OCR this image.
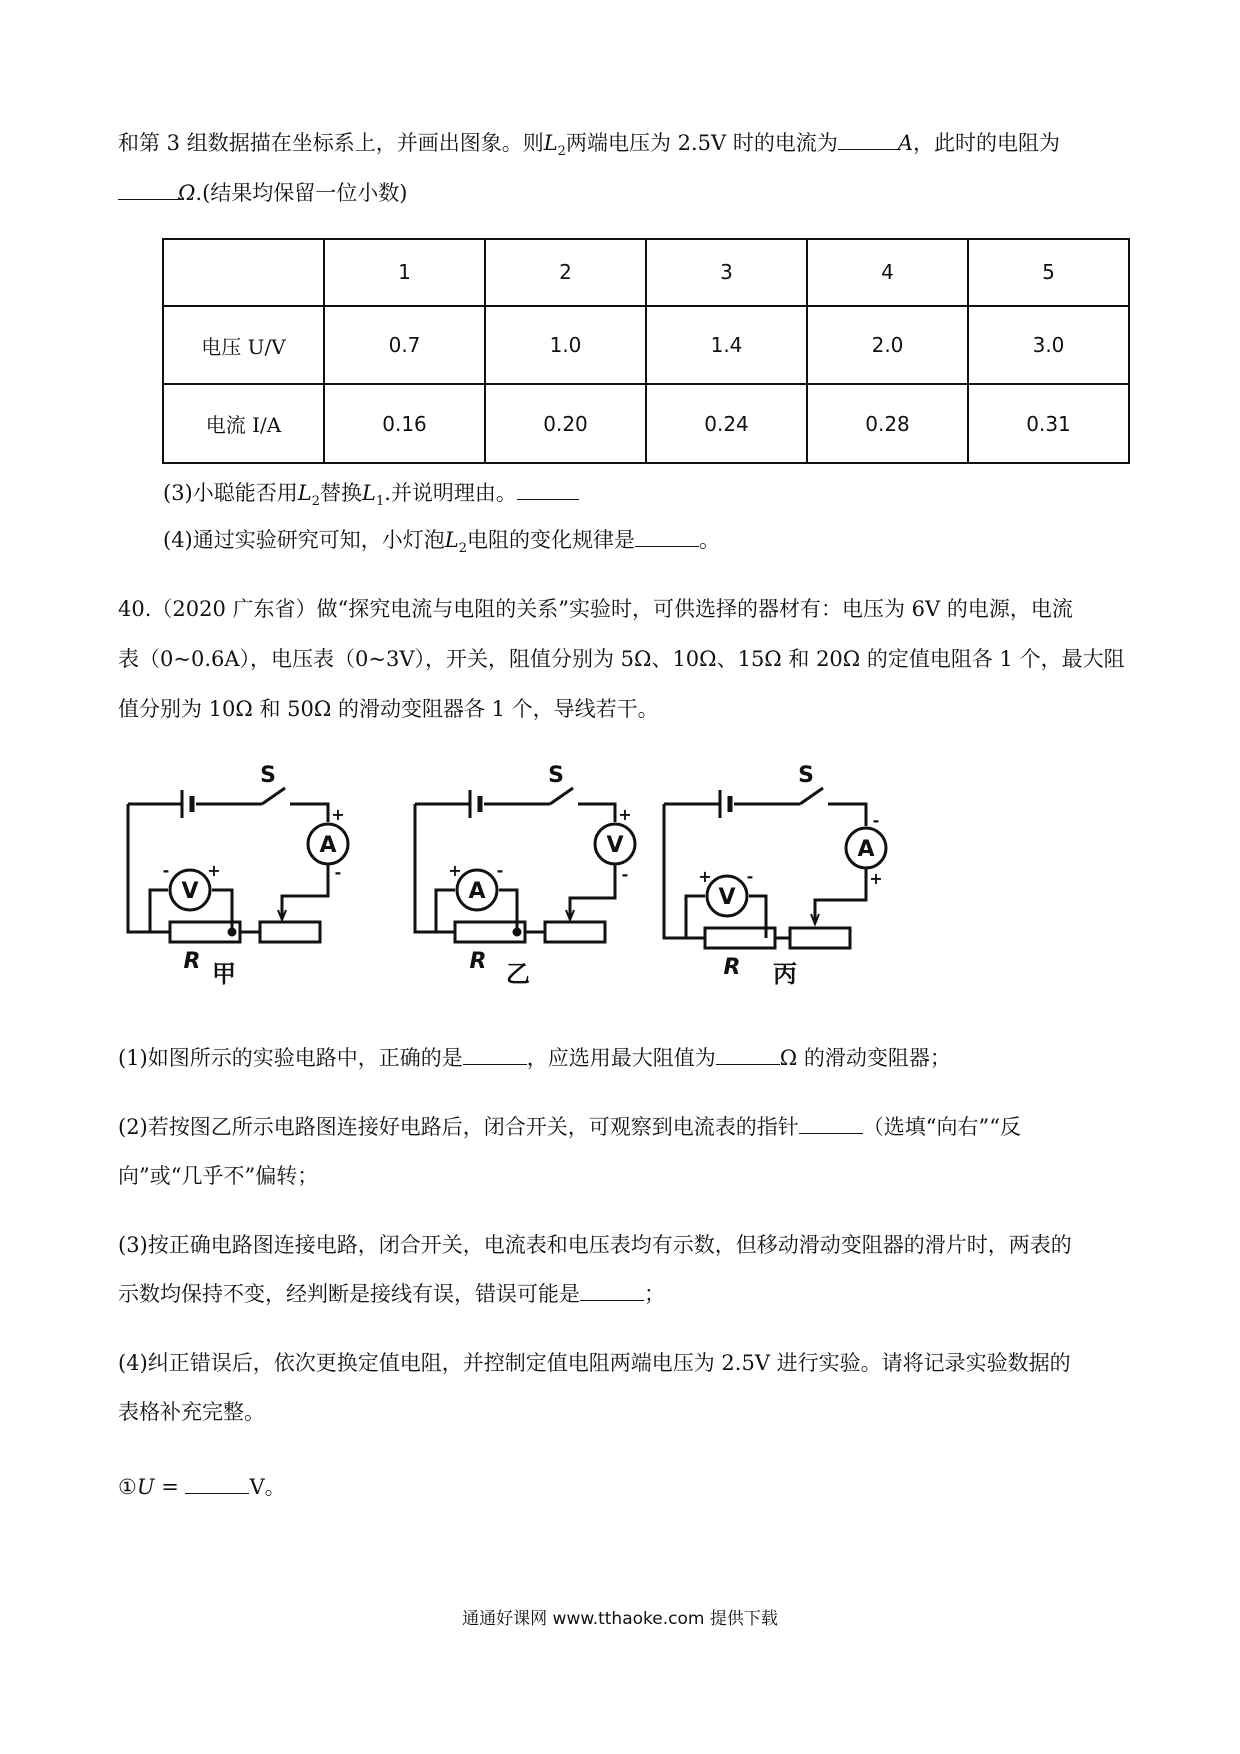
和第 3 组数据描在坐标系上，并画出图象。则$L_2$两端电压为 2.5V 时的电流为	A，此时的电阻为
Ω.(结果均保留一位小数)
	1	2	3	4	5
电压 U/V	0.7	1.0	1.4	2.0	3.0
电流 I/A	0.16	0.20	0.24	0.28	0.31
(3)小聪能否用$L_2$替换$L_1$.并说明理由。
(4)通过实验研究可知，小灯泡$L_2$电阻的变化规律是	。
40.（2020 广东省）做“探究电流与电阻的关系”实验时，可供选择的器材有：电压为 6V 的电源，电流
表（0~0.6A），电压表（0~3V），开关，阻值分别为 5Ω、10Ω、15Ω 和 20Ω 的定值电阻各 1 个，最大阻
值分别为 10Ω 和 50Ω 的滑动变阻器各 1 个，导线若干。
S
A
V
R 甲
+
-
- +
S
V
A
R 乙
+
-
+ -
S
A
V
R 丙
-
+
+ -
(1)如图所示的实验电路中，正确的是	，应选用最大阻值为	Ω 的滑动变阻器；
(2)若按图乙所示电路图连接好电路后，闭合开关，可观察到电流表的指针	（选填“向右”“反
向”或“几乎不”偏转；
(3)按正确电路图连接电路，闭合开关，电流表和电压表均有示数，但移动滑动变阻器的滑片时，两表的
示数均保持不变，经判断是接线有误，错误可能是	；
(4)纠正错误后，依次更换定值电阻，并控制定值电阻两端电压为 2.5V 进行实验。请将记录实验数据的
表格补充完整。
①U =	V。
通通好课网 www.tthaoke.com 提供下载
